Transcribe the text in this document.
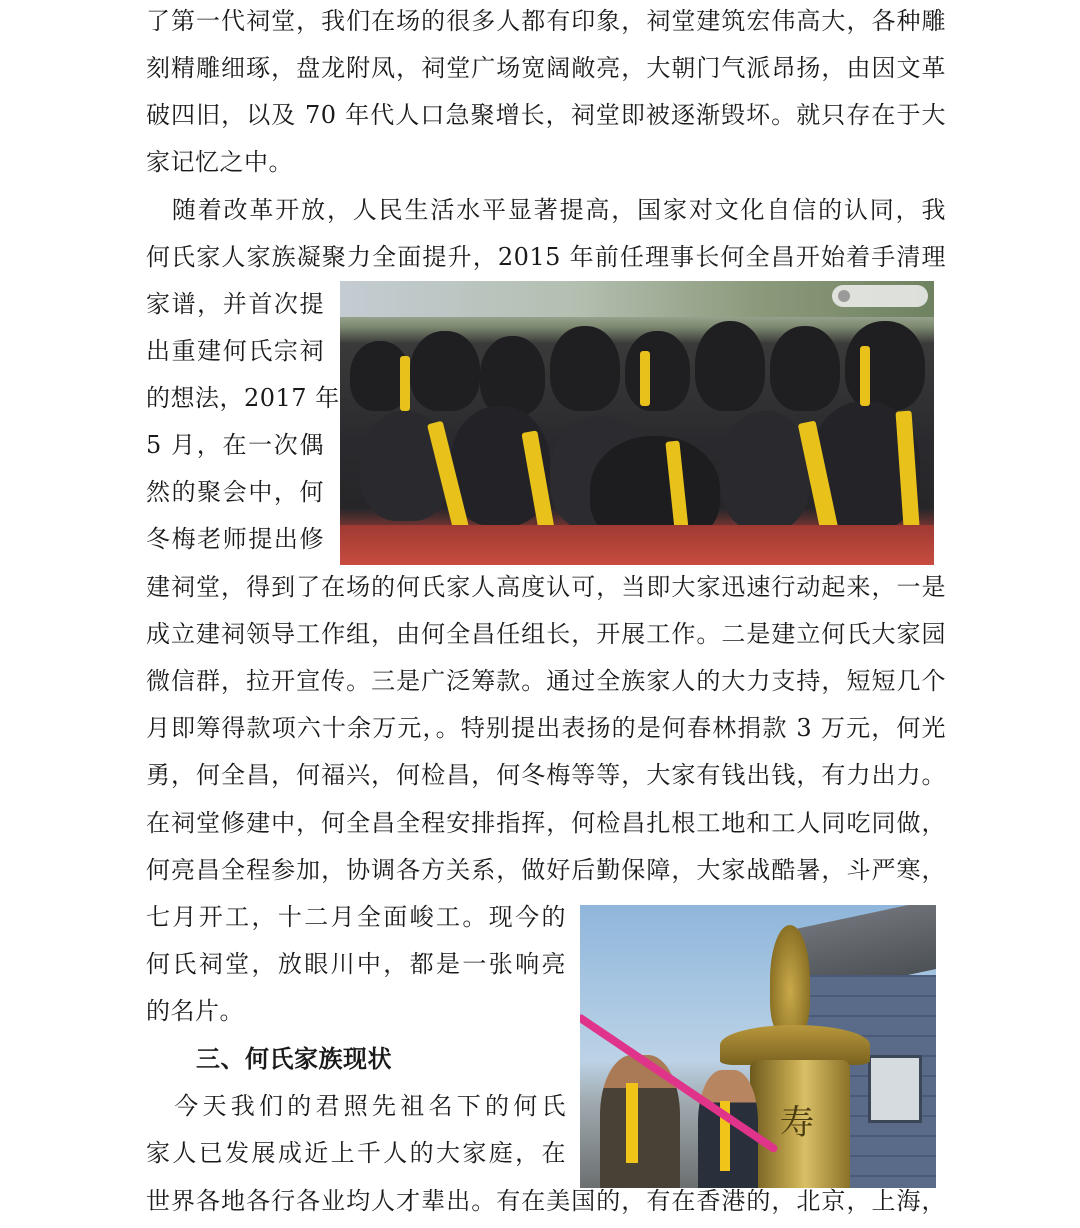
了第一代祠堂，我们在场的很多人都有印象，祠堂建筑宏伟高大，各种雕
刻精雕细琢，盘龙附凤，祠堂广场宽阔敞亮，大朝门气派昂扬，由因文革
破四旧，以及 70 年代人口急聚增长，祠堂即被逐渐毁坏。就只存在于大
家记忆之中。
　随着改革开放，人民生活水平显著提高，国家对文化自信的认同，我
何氏家人家族凝聚力全面提升，2015 年前任理事长何全昌开始着手清理
家谱，并首次提
出重建何氏宗祠
的想法，2017 年
5 月，在一次偶
然的聚会中，何
冬梅老师提出修
建祠堂，得到了在场的何氏家人高度认可，当即大家迅速行动起来，一是
成立建祠领导工作组，由何全昌任组长，开展工作。二是建立何氏大家园
微信群，拉开宣传。三是广泛筹款。通过全族家人的大力支持，短短几个
月即筹得款项六十余万元，。特别提出表扬的是何春林捐款 3 万元，何光
勇，何全昌，何福兴，何检昌，何冬梅等等，大家有钱出钱，有力出力。
在祠堂修建中，何全昌全程安排指挥，何检昌扎根工地和工人同吃同做，
何亮昌全程参加，协调各方关系，做好后勤保障，大家战酷暑，斗严寒，
七月开工，十二月全面峻工。现今的
何氏祠堂，放眼川中，都是一张响亮
的名片。
三、何氏家族现状
　今天我们的君照先祖名下的何氏
家人已发展成近上千人的大家庭，在
寿
世界各地各行各业均人才辈出。有在美国的，有在香港的，北京，上海，
